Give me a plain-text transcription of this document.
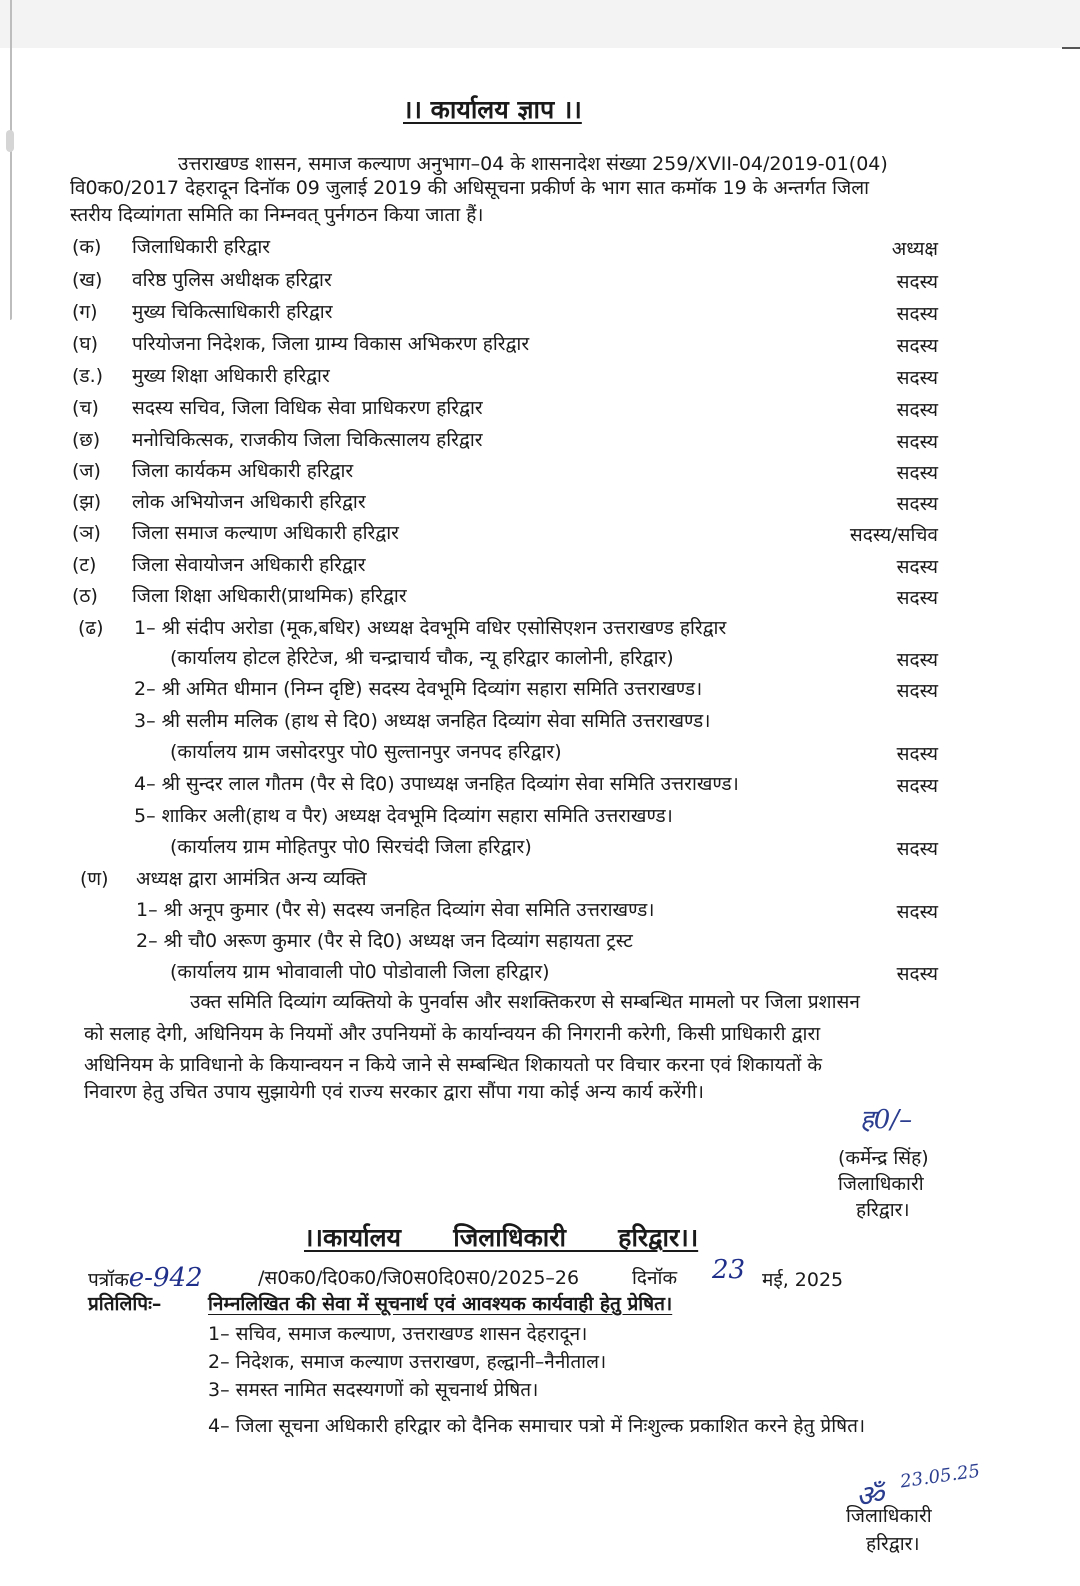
।। कार्यालय ज्ञाप ।।
उत्तराखण्ड शासन, समाज कल्याण अनुभाग–04 के शासनादेश संख्या 259/XVII-04/2019-01(04)
वि0क0/2017 देहरादून दिनॉक 09 जुलाई 2019 की अधिसूचना प्रकीर्ण के भाग सात कमॉक 19 के अन्तर्गत जिला
स्तरीय दिव्यांगता समिति का निम्नवत् पुर्नगठन किया जाता हैं।
(क) जिलाधिकारी हरिद्वार	अध्यक्ष
(ख) वरिष्ठ पुलिस अधीक्षक हरिद्वार	सदस्य
(ग) मुख्य चिकित्साधिकारी हरिद्वार	सदस्य
(घ) परियोजना निदेशक, जिला ग्राम्य विकास अभिकरण हरिद्वार	सदस्य
(ड.) मुख्य शिक्षा अधिकारी हरिद्वार	सदस्य
(च) सदस्य सचिव, जिला विधिक सेवा प्राधिकरण हरिद्वार	सदस्य
(छ) मनोचिकित्सक, राजकीय जिला चिकित्सालय हरिद्वार	सदस्य
(ज) जिला कार्यकम अधिकारी हरिद्वार	सदस्य
(झ) लोक अभियोजन अधिकारी हरिद्वार	सदस्य
(ञ) जिला समाज कल्याण अधिकारी हरिद्वार	सदस्य/सचिव
(ट) जिला सेवायोजन अधिकारी हरिद्वार	सदस्य
(ठ) जिला शिक्षा अधिकारी(प्राथमिक) हरिद्वार	सदस्य
(ढ) 1– श्री संदीप अरोडा (मूक,बधिर) अध्यक्ष देवभूमि वधिर एसोसिएशन उत्तराखण्ड हरिद्वार
(कार्यालय होटल हेरिटेज, श्री चन्द्राचार्य चौक, न्यू हरिद्वार कालोनी, हरिद्वार)	सदस्य
2– श्री अमित धीमान (निम्न दृष्टि) सदस्य देवभूमि दिव्यांग सहारा समिति उत्तराखण्ड।	सदस्य
3– श्री सलीम मलिक (हाथ से दि0) अध्यक्ष जनहित दिव्यांग सेवा समिति उत्तराखण्ड।
(कार्यालय ग्राम जसोदरपुर पो0 सुल्तानपुर जनपद हरिद्वार)	सदस्य
4– श्री सुन्दर लाल गौतम (पैर से दि0) उपाध्यक्ष जनहित दिव्यांग सेवा समिति उत्तराखण्ड।	सदस्य
5– शाकिर अली(हाथ व पैर) अध्यक्ष देवभूमि दिव्यांग सहारा समिति उत्तराखण्ड।
(कार्यालय ग्राम मोहितपुर पो0 सिरचंदी जिला हरिद्वार)	सदस्य
(ण) अध्यक्ष द्वारा आमंत्रित अन्य व्यक्ति
1– श्री अनूप कुमार (पैर से) सदस्य जनहित दिव्यांग सेवा समिति उत्तराखण्ड।	सदस्य
2– श्री चौ0 अरूण कुमार (पैर से दि0) अध्यक्ष जन दिव्यांग सहायता ट्रस्ट
(कार्यालय ग्राम भोवावाली पो0 पोडोवाली जिला हरिद्वार)	सदस्य
उक्त समिति दिव्यांग व्यक्तियो के पुनर्वास और सशक्तिकरण से सम्बन्धित मामलो पर जिला प्रशासन
को सलाह देगी, अधिनियम के नियमों और उपनियमों के कार्यान्वयन की निगरानी करेगी, किसी प्राधिकारी द्वारा
अधिनियम के प्राविधानो के कियान्वयन न किये जाने से सम्बन्धित शिकायतो पर विचार करना एवं शिकायतों के
निवारण हेतु उचित उपाय सुझायेगी एवं राज्य सरकार द्वारा सौंपा गया कोई अन्य कार्य करेंगी।
ह0/–
(कर्मेन्द्र सिंह)
जिलाधिकारी
हरिद्वार।
।।कार्यालय      जिलाधिकारी      हरिद्वार।।
पत्रॉकe-942	/स0क0/दि0क0/जि0स0दि0स0/2025–26	दिनॉक 23 मई, 2025
प्रतिलिपिः– निम्नलिखित की सेवा में सूचनार्थ एवं आवश्यक कार्यवाही हेतु प्रेषित।
1– सचिव, समाज कल्याण, उत्तराखण्ड शासन देहरादून।
2– निदेशक, समाज कल्याण उत्तराखण, हल्द्वानी–नैनीताल।
3– समस्त नामित सदस्यगणों को सूचनार्थ प्रेषित।
4– जिला सूचना अधिकारी हरिद्वार को दैनिक समाचार पत्रो में निःशुल्क प्रकाशित करने हेतु प्रेषित।
ॐ
23.05.25
जिलाधिकारी
हरिद्वार।
